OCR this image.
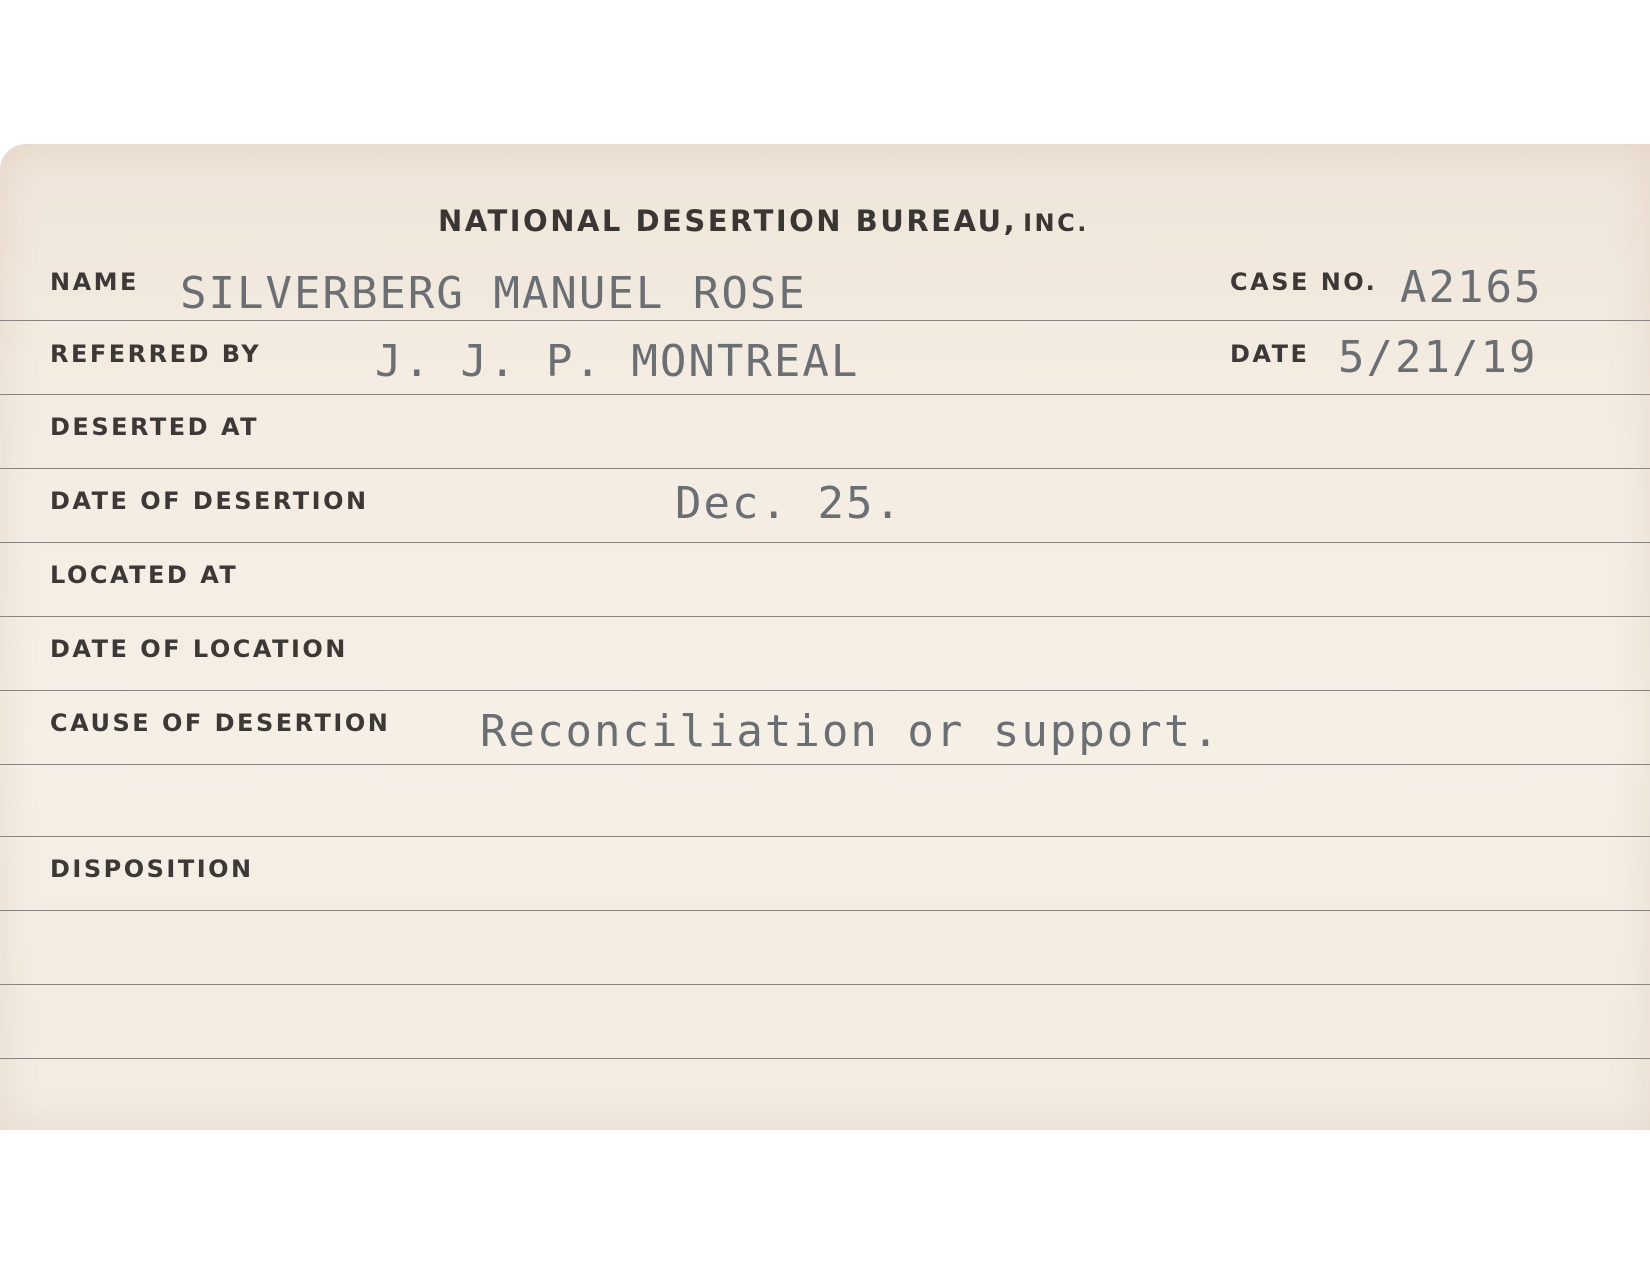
NATIONAL DESERTION BUREAU, INC.
NAME SILVERBERG MANUEL ROSE	CASE NO. A2165
REFERRED BY	J. J. P. MONTREAL	DATE 5/21/19
DESERTED AT
DATE OF DESERTION	Dec. 25.
LOCATED AT
DATE OF LOCATION
CAUSE OF DESERTION Reconciliation or support.
DISPOSITION
